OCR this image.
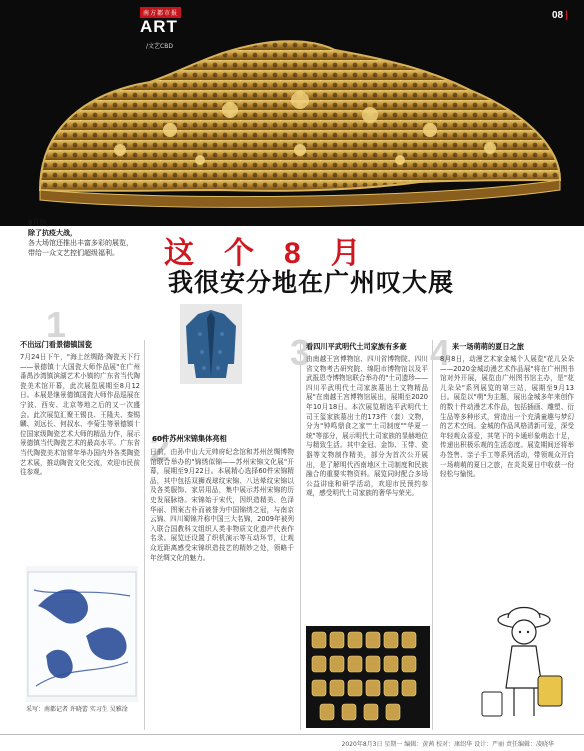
南方都市报
ART
/文艺CBD
08 |
8月份，
除了抗疫大战，
各大场馆还推出丰富多彩的展览，
带给一众文艺控们超级福利。	这个8月
我很安分地在广州叹大展
1
不出远门看景德镇国瓷
7月24日下午，"海上丝绸路·陶瓷天下行——景德镇十大国瓷大师作品展"在广州番禺沙湾镇滨湖艺术小镇的广东省当代陶瓷美术馆开幕，此次展览展期至8月12日。本展是继景德镇国瓷大师作品巡展在宁波、西安、北京等地之后的又一次盛会。此次展览汇聚王锡良、王隆夫、秦锡麟、刘远长、何叔水、李菊生等景德镇十位国家级陶瓷艺术大师的精品力作，展示景德镇当代陶瓷艺术的最高水平。广东省当代陶瓷美术馆常年举办国内外各类陶瓷艺术展，推动陶瓷文化交流，欢迎市民前往参观。
采写：南都记者 许晓蕾 实习生 吴雅淦
2
60件苏州宋锦集体亮相
日前，由孙中山大元帅府纪念馆和苏州丝绸博物馆联合举办的"锦绣似锦——苏州宋锦文化展"开幕，展期至9月22日。本展精心选择60件宋锦精品，其中包括双狮戏球纹宋锦、八达晕纹宋锦以及各类服饰、家居用品，集中展示苏州宋锦的历史发展脉络。宋锦始于宋代，因织造精美、色泽华丽、图案古朴而被誉为中国锦绣之冠，与南京云锦、四川蜀锦并称中国三大名锦，2009年被列入联合国教科文组织人类非物质文化遗产代表作名录。展览还设置了织机演示等互动环节，让观众近距离感受宋锦织造技艺的精妙之处，领略千年丝绸文化的魅力。
3
看四川平武明代土司家族有多豪
由南越王宫博物馆、四川省博物院、四川省文物考古研究院、绵阳市博物馆以及平武报恩寺博物馆联合举办的"土司遗珍——四川平武明代土司家族墓出土文物精品展"在南越王宫博物馆展出，展期至2020年10月18日。本次展览精选平武明代土司王玺家族墓出土的173件（套）文物，分为"钟鸣鼎食之家""土司制度""华夏一统"等部分，展示明代土司家族的显赫地位与精致生活。其中金冠、金饰、玉带、瓷器等文物制作精美，部分为首次公开展出，是了解明代西南地区土司制度和民族融合的重要实物资料。展览同时配合多场公益讲座和研学活动，欢迎市民预约参观，感受明代土司家族的奢华与荣光。
4 来一场萌萌的夏日之旅
8月8日，动漫艺术家金城个人展览"花儿朵朵——2020金城动漫艺术作品展"将在广州图书馆对外开展，展览由广州图书馆主办，是"花儿朵朵"系列展览的第三站，展期至9月13日。展览以"萌"为主题，展出金城多年来创作的数十件动漫艺术作品，包括插画、雕塑、衍生品等多种形式，营造出一个充满童趣与梦幻的艺术空间。金城的作品风格清新可爱，深受年轻观众喜爱，其笔下的卡通形象萌态十足，传递出积极乐观的生活态度。展览期间还将举办签售、亲子手工等系列活动，带领观众开启一场萌萌的夏日之旅，在炎炎夏日中收获一份轻松与愉悦。
2020年8月3日 星期一 编辑：黄茜 校对：康绍华 设计：严丽 责任编辑：凌晓华
